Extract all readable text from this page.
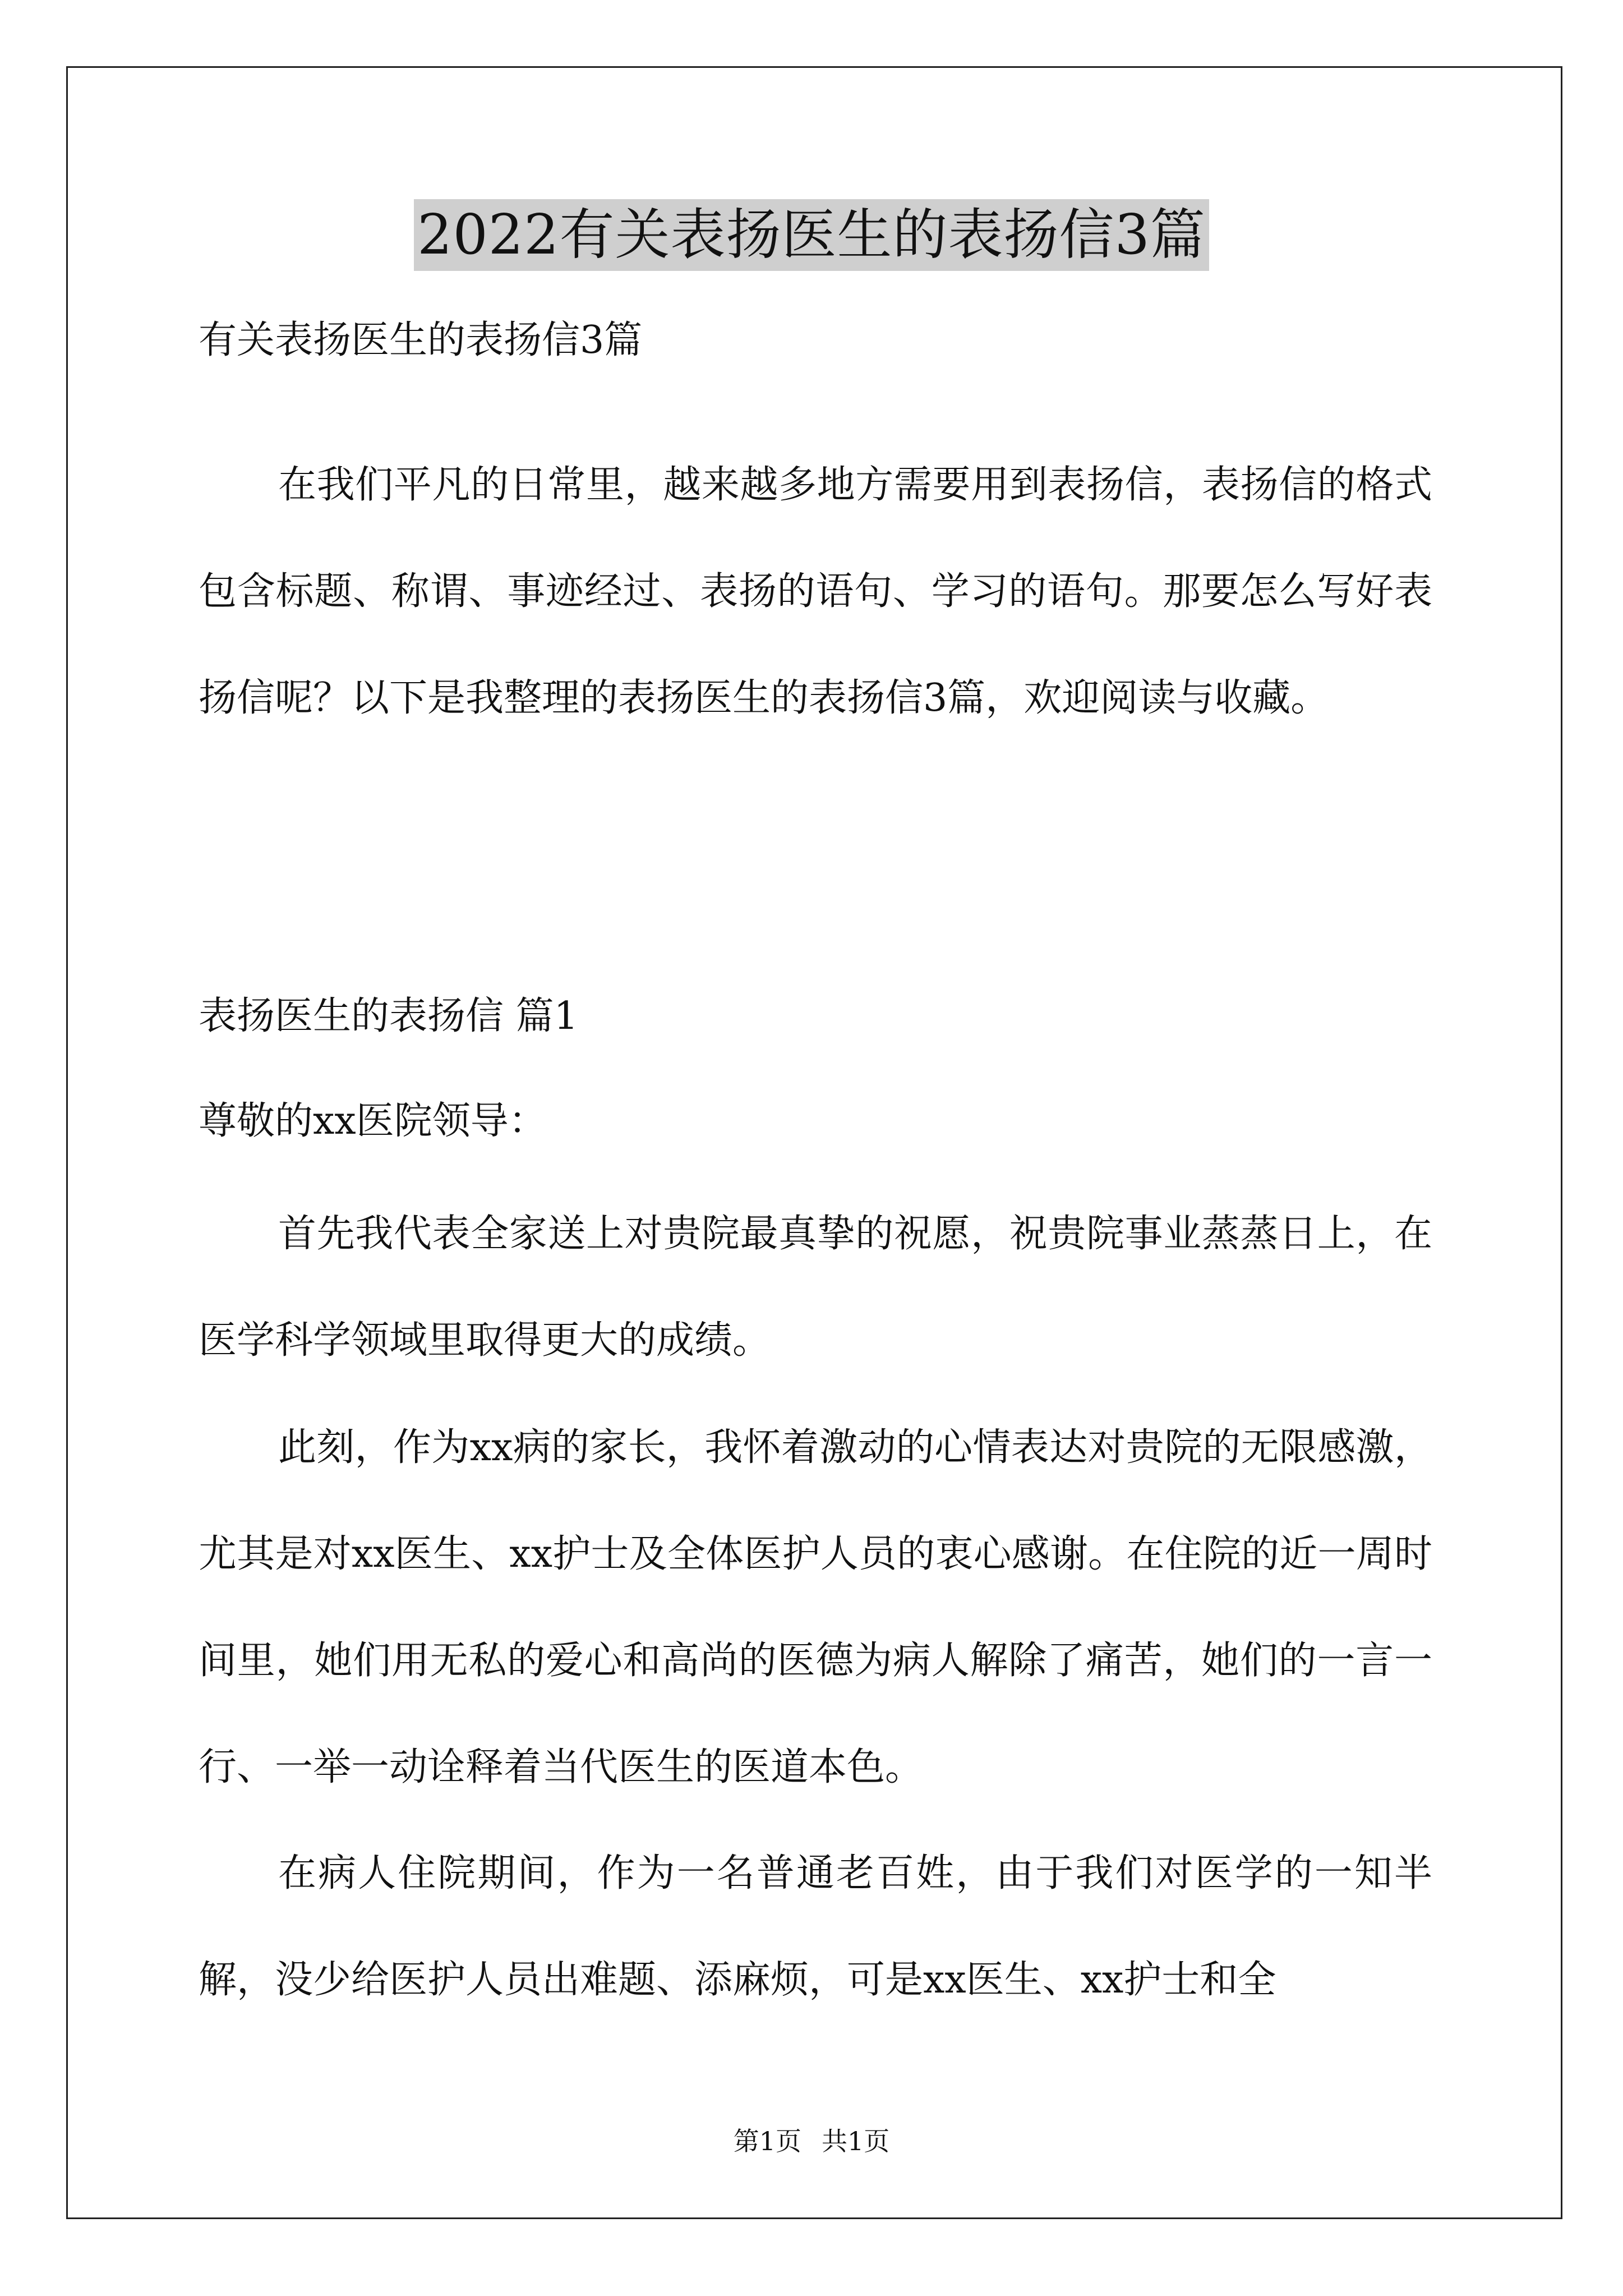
2022有关表扬医生的表扬信3篇
有关表扬医生的表扬信3篇
在我们平凡的日常里，越来越多地方需要用到表扬信，表扬信的格式包含标题、称谓、事迹经过、表扬的语句、学习的语句。那要怎么写好表扬信呢？以下是我整理的表扬医生的表扬信3篇，欢迎阅读与收藏。
表扬医生的表扬信 篇1
尊敬的xx医院领导：
首先我代表全家送上对贵院最真挚的祝愿，祝贵院事业蒸蒸日上，在医学科学领域里取得更大的成绩。
此刻，作为xx病的家长，我怀着激动的心情表达对贵院的无限感激，尤其是对xx医生、xx护士及全体医护人员的衷心感谢。在住院的近一周时间里，她们用无私的爱心和高尚的医德为病人解除了痛苦，她们的一言一行、一举一动诠释着当代医生的医道本色。
在病人住院期间，作为一名普通老百姓，由于我们对医学的一知半解，没少给医护人员出难题、添麻烦，可是xx医生、xx护士和全
第1页 共1页
